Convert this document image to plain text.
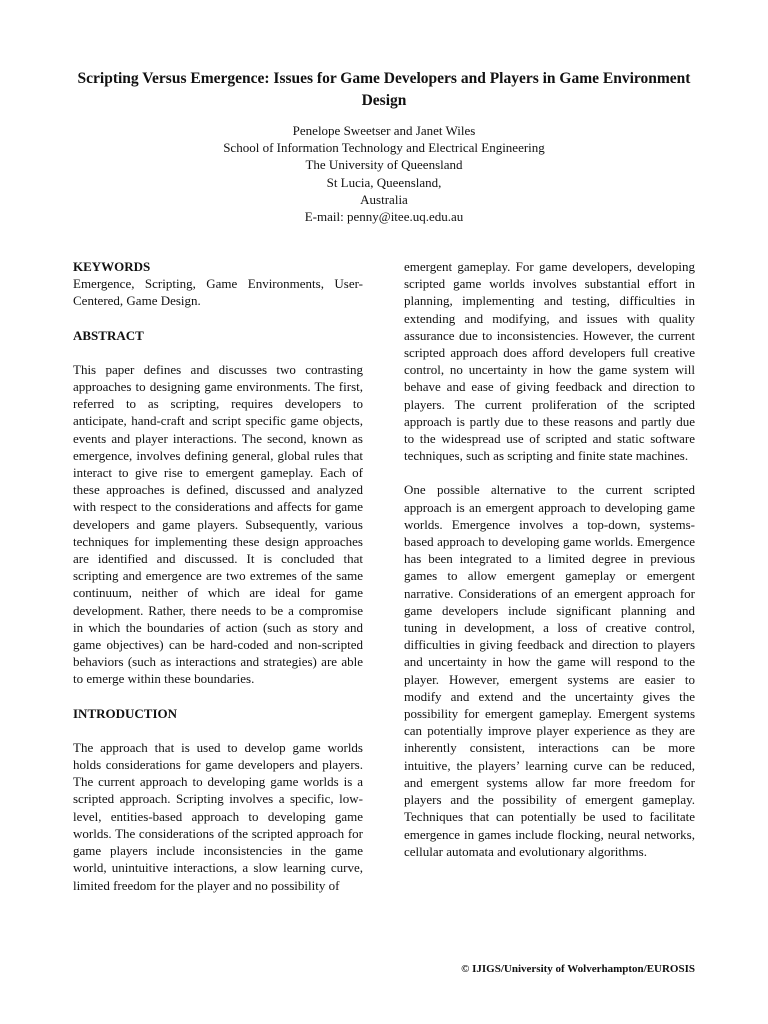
Scripting Versus Emergence: Issues for Game Developers and Players in Game Environment Design
Penelope Sweetser and Janet Wiles
School of Information Technology and Electrical Engineering
The University of Queensland
St Lucia, Queensland,
Australia
E-mail: penny@itee.uq.edu.au
KEYWORDS

Emergence, Scripting, Game Environments, User-Centered, Game Design.

ABSTRACT

This paper defines and discusses two contrasting approaches to designing game environments. The first, referred to as scripting, requires developers to anticipate, hand-craft and script specific game objects, events and player interactions. The second, known as emergence, involves defining general, global rules that interact to give rise to emergent gameplay. Each of these approaches is defined, discussed and analyzed with respect to the considerations and affects for game developers and game players. Subsequently, various techniques for implementing these design approaches are identified and discussed. It is concluded that scripting and emergence are two extremes of the same continuum, neither of which are ideal for game development. Rather, there needs to be a compromise in which the boundaries of action (such as story and game objectives) can be hard-coded and non-scripted behaviors (such as interactions and strategies) are able to emerge within these boundaries.

INTRODUCTION

The approach that is used to develop game worlds holds considerations for game developers and players. The current approach to developing game worlds is a scripted approach. Scripting involves a specific, low-level, entities-based approach to developing game worlds. The considerations of the scripted approach for game players include inconsistencies in the game world, unintuitive interactions, a slow learning curve, limited freedom for the player and no possibility of

emergent gameplay. For game developers, developing scripted game worlds involves substantial effort in planning, implementing and testing, difficulties in extending and modifying, and issues with quality assurance due to inconsistencies. However, the current scripted approach does afford developers full creative control, no uncertainty in how the game system will behave and ease of giving feedback and direction to players. The current proliferation of the scripted approach is partly due to these reasons and partly due to the widespread use of scripted and static software techniques, such as scripting and finite state machines.

One possible alternative to the current scripted approach is an emergent approach to developing game worlds. Emergence involves a top-down, systems-based approach to developing game worlds. Emergence has been integrated to a limited degree in previous games to allow emergent gameplay or emergent narrative. Considerations of an emergent approach for game developers include significant planning and tuning in development, a loss of creative control, difficulties in giving feedback and direction to players and uncertainty in how the game will respond to the player. However, emergent systems are easier to modify and extend and the uncertainty gives the possibility for emergent gameplay. Emergent systems can potentially improve player experience as they are inherently consistent, interactions can be more intuitive, the players’ learning curve can be reduced, and emergent systems allow far more freedom for players and the possibility of emergent gameplay. Techniques that can potentially be used to facilitate emergence in games include flocking, neural networks, cellular automata and evolutionary algorithms.

© IJIGS/University of Wolverhampton/EUROSIS
